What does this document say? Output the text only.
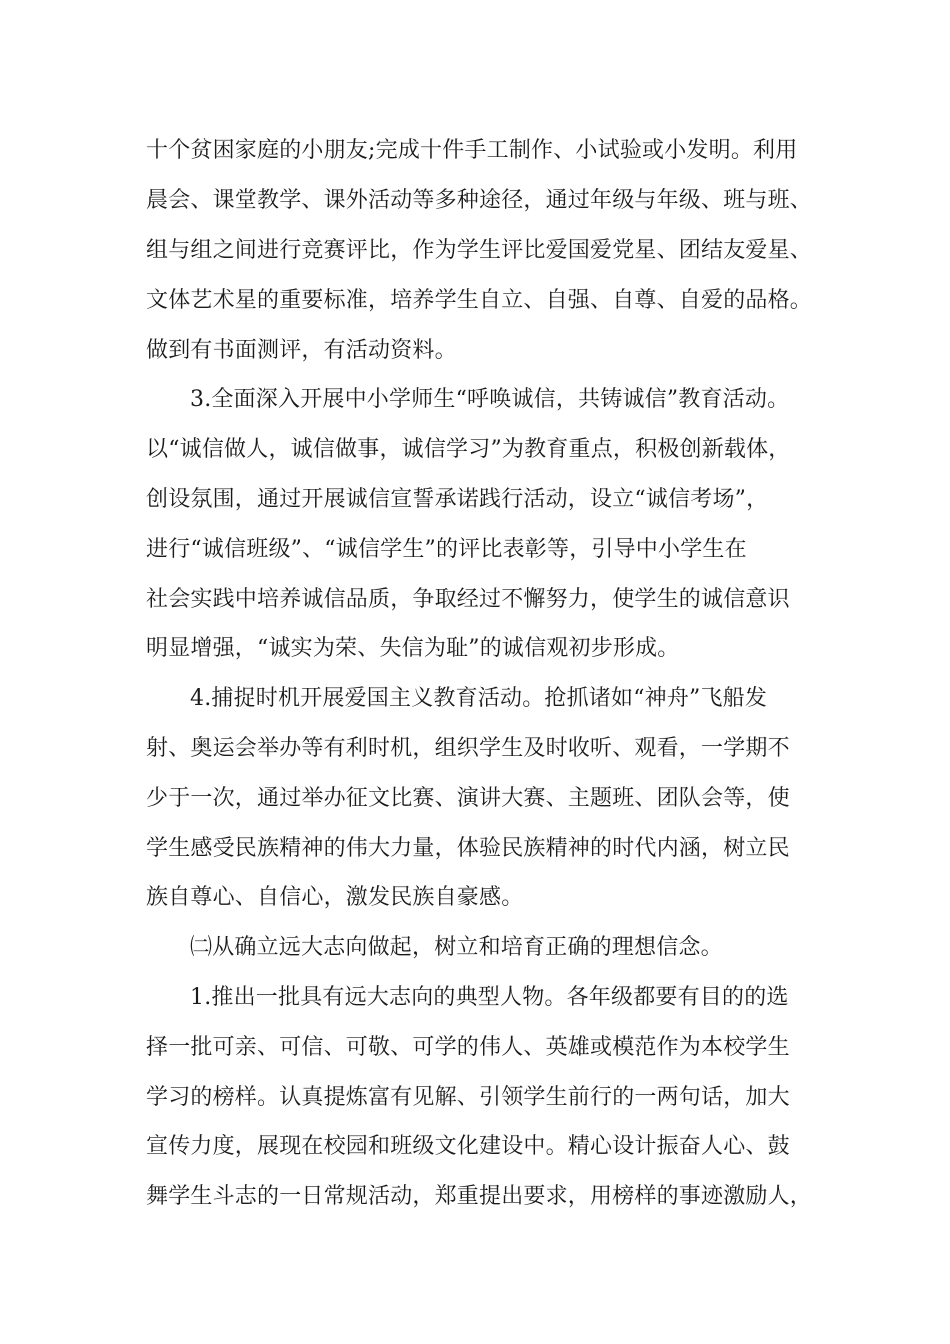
十个贫困家庭的小朋友;完成十件手工制作、小试验或小发明。利用
晨会、课堂教学、课外活动等多种途径，通过年级与年级、班与班、
组与组之间进行竞赛评比，作为学生评比爱国爱党星、团结友爱星、
文体艺术星的重要标准，培养学生自立、自强、自尊、自爱的品格。
做到有书面测评，有活动资料。
3.全面深入开展中小学师生“呼唤诚信，共铸诚信”教育活动。
以“诚信做人，诚信做事，诚信学习”为教育重点，积极创新载体，
创设氛围，通过开展诚信宣誓承诺践行活动，设立“诚信考场”，
进行“诚信班级”、“诚信学生”的评比表彰等，引导中小学生在
社会实践中培养诚信品质，争取经过不懈努力，使学生的诚信意识
明显增强，“诚实为荣、失信为耻”的诚信观初步形成。
4.捕捉时机开展爱国主义教育活动。抢抓诸如“神舟”飞船发
射、奥运会举办等有利时机，组织学生及时收听、观看，一学期不
少于一次，通过举办征文比赛、演讲大赛、主题班、团队会等，使
学生感受民族精神的伟大力量，体验民族精神的时代内涵，树立民
族自尊心、自信心，激发民族自豪感。
㈡从确立远大志向做起，树立和培育正确的理想信念。
1.推出一批具有远大志向的典型人物。各年级都要有目的的选
择一批可亲、可信、可敬、可学的伟人、英雄或模范作为本校学生
学习的榜样。认真提炼富有见解、引领学生前行的一两句话，加大
宣传力度，展现在校园和班级文化建设中。精心设计振奋人心、鼓
舞学生斗志的一日常规活动，郑重提出要求，用榜样的事迹激励人，
